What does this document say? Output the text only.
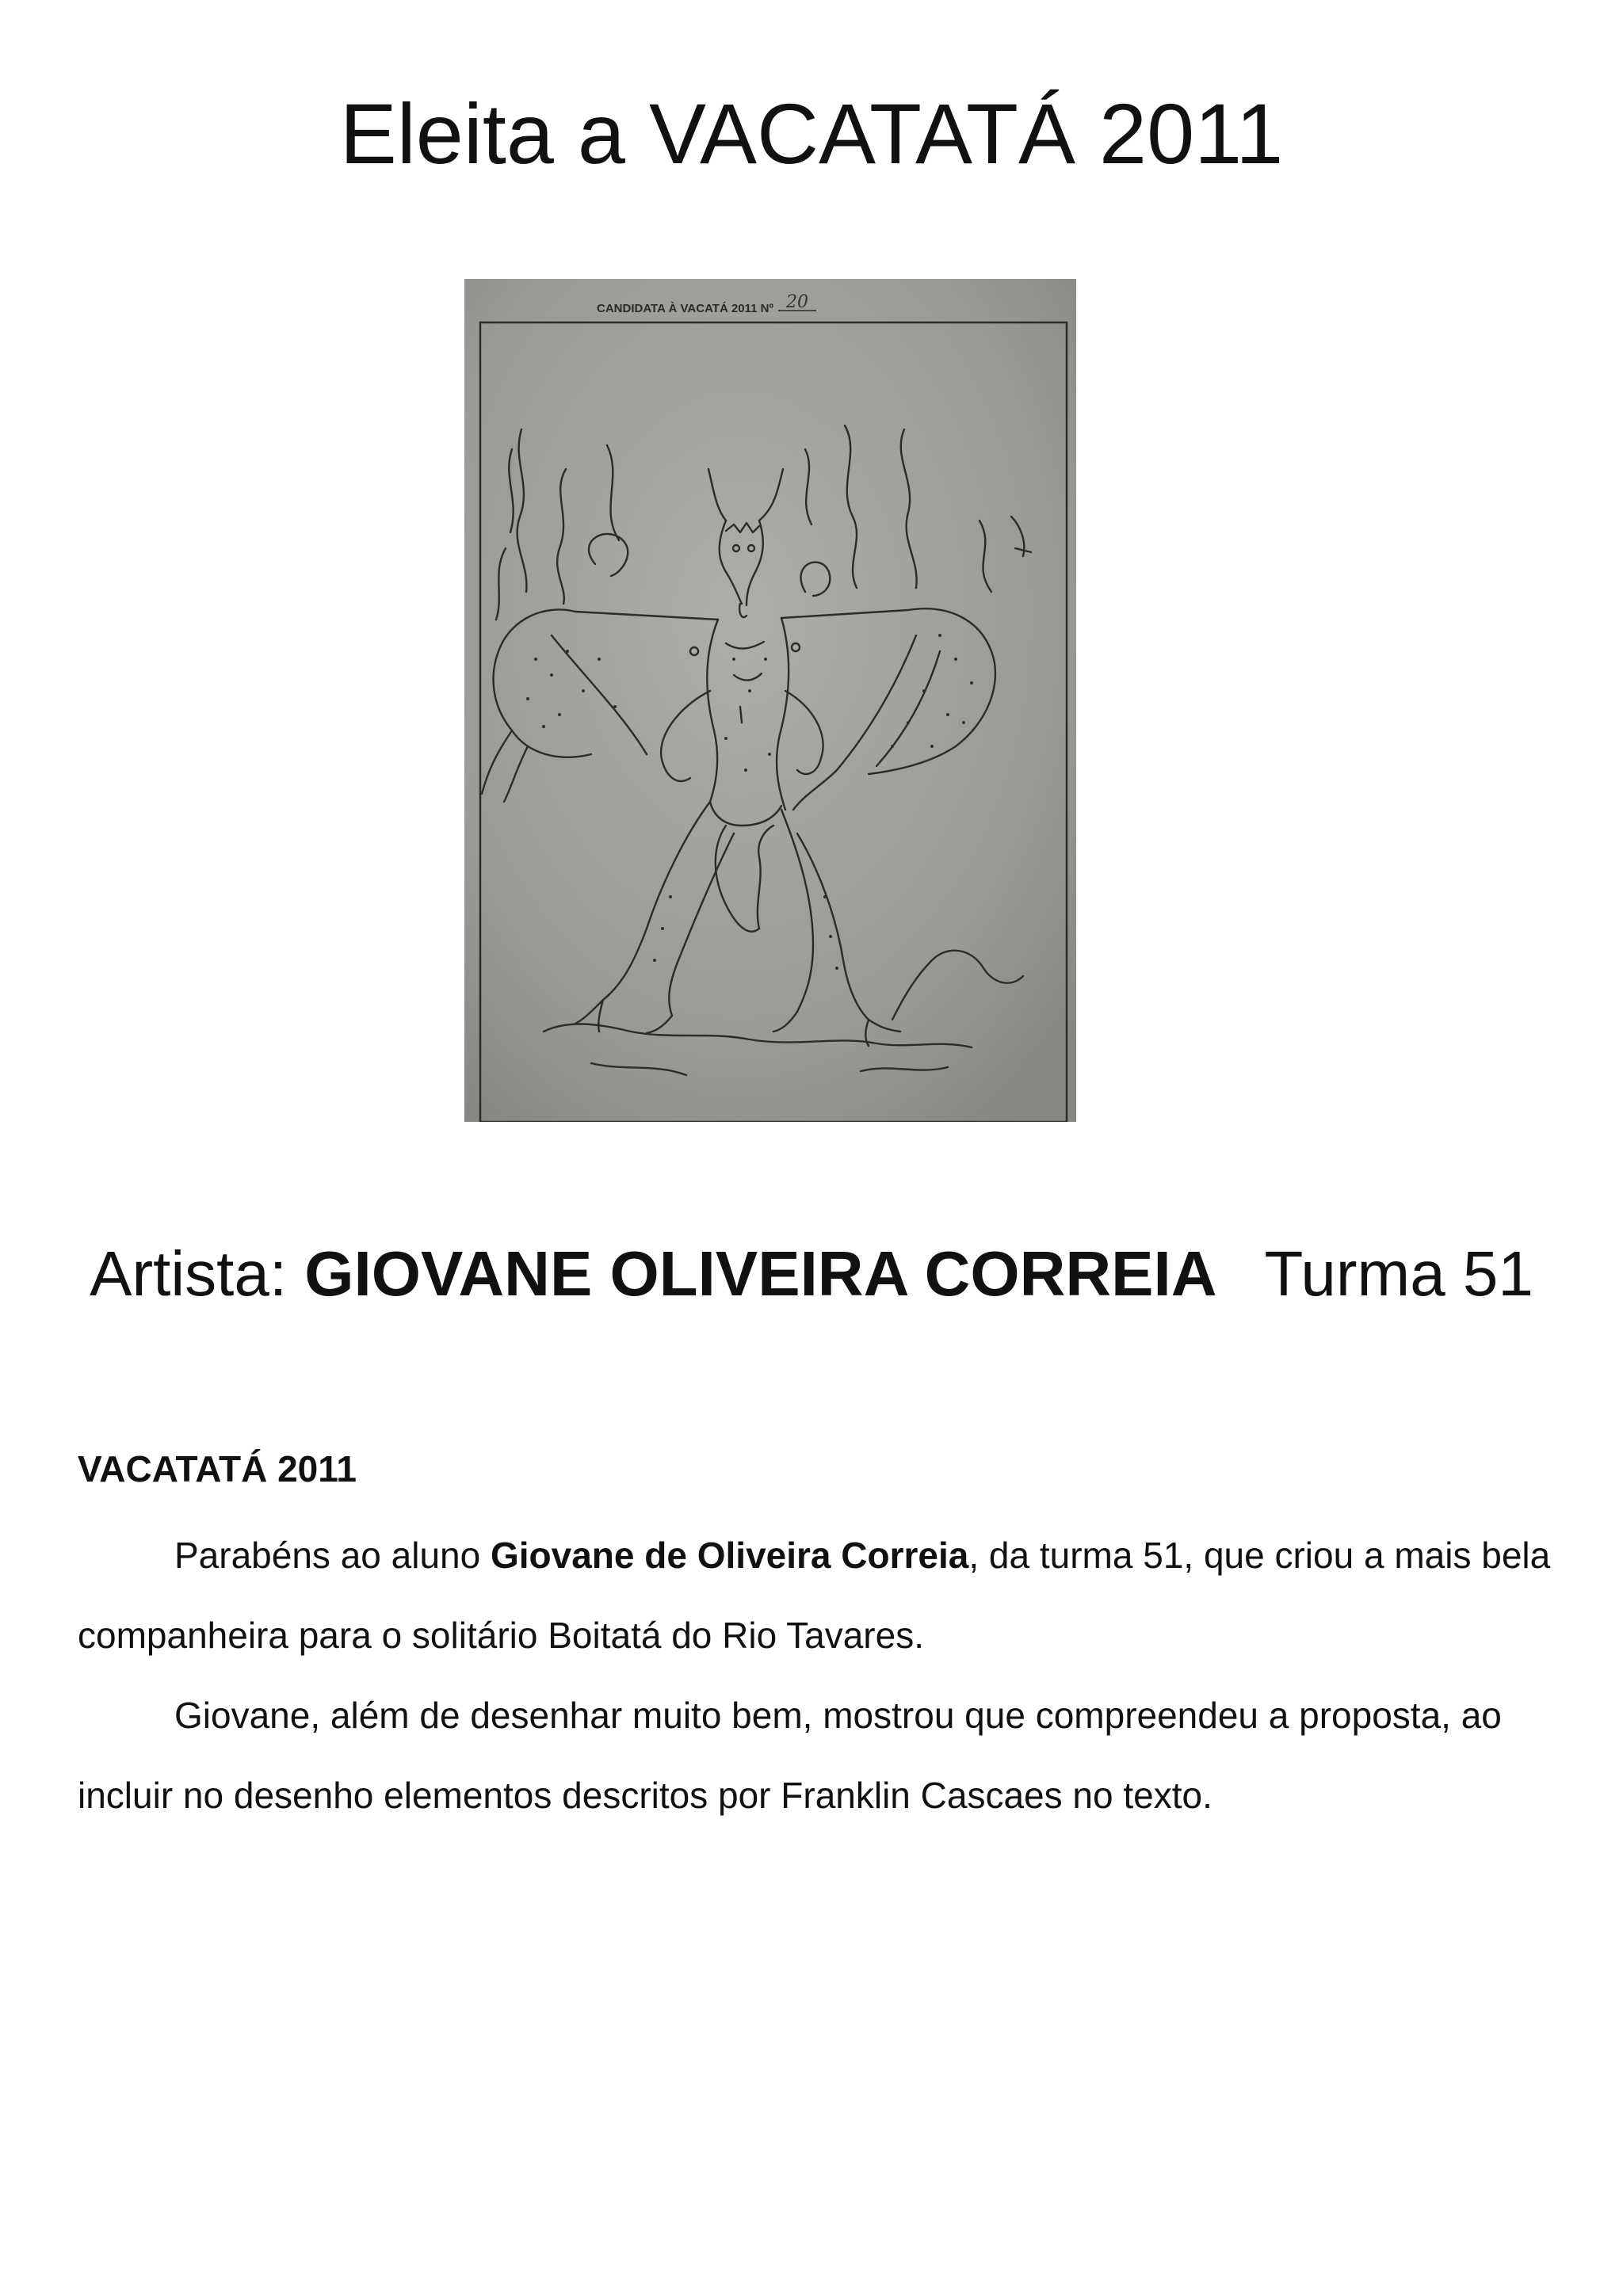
Eleita a VACATATÁ 2011
CANDIDATA À VACATÁ 2011 Nº 20
Artista: GIOVANE OLIVEIRA CORREIA Turma 51

VACATATÁ 2011

Parabéns ao aluno Giovane de Oliveira Correia, da turma 51, que criou a mais bela companheira para o solitário Boitatá do Rio Tavares.

Giovane, além de desenhar muito bem, mostrou que compreendeu a proposta, ao incluir no desenho elementos descritos por Franklin Cascaes no texto.
